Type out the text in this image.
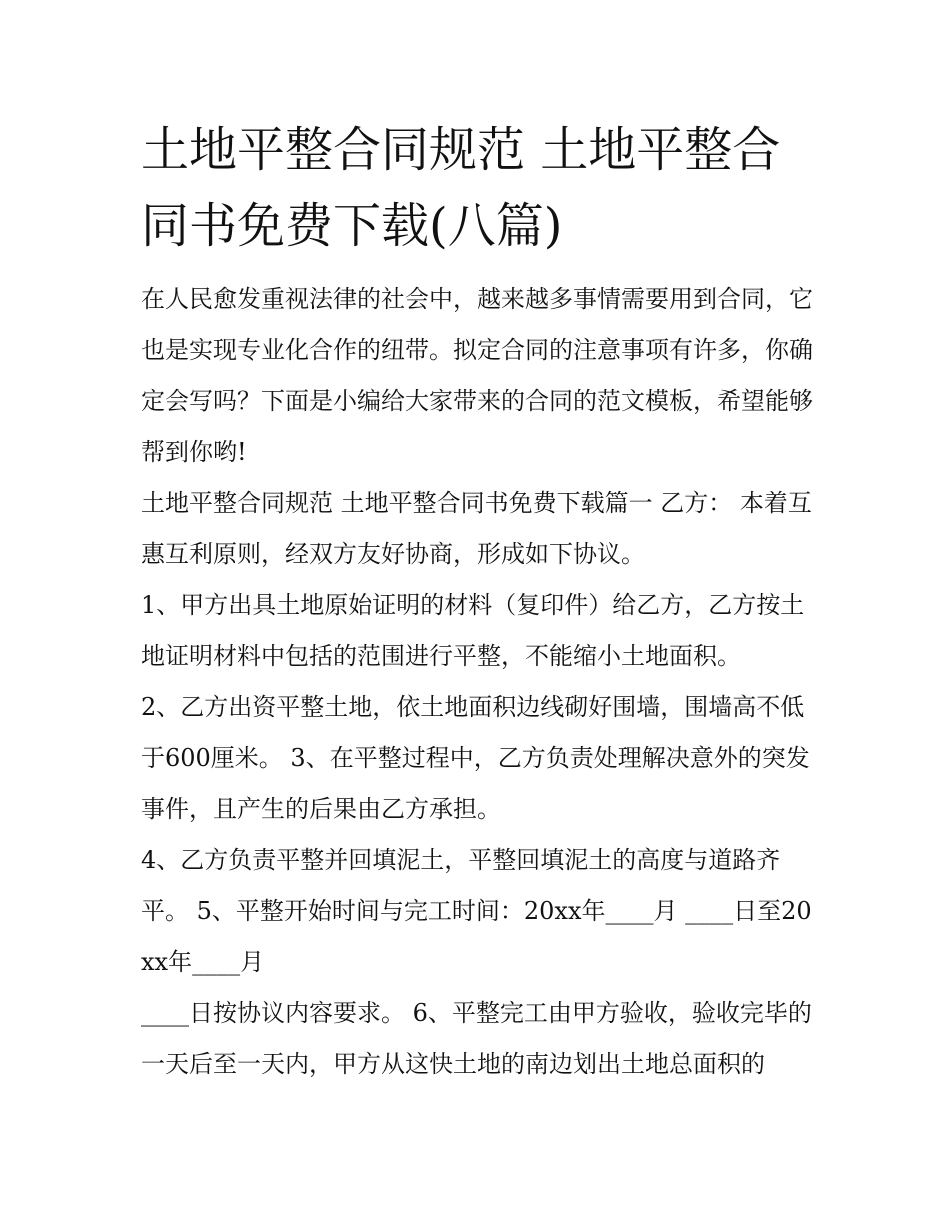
土地平整合同规范 土地平整合同书免费下载(八篇)

在人民愈发重视法律的社会中，越来越多事情需要用到合同，它也是实现专业化合作的纽带。拟定合同的注意事项有许多，你确定会写吗？下面是小编给大家带来的合同的范文模板，希望能够帮到你哟!

土地平整合同规范 土地平整合同书免费下载篇一 乙方： 本着互惠互利原则，经双方友好协商，形成如下协议。

1、甲方出具土地原始证明的材料（复印件）给乙方，乙方按土地证明材料中包括的范围进行平整，不能缩小土地面积。

2、乙方出资平整土地，依土地面积边线砌好围墙，围墙高不低于600厘米。 3、在平整过程中，乙方负责处理解决意外的突发事件，且产生的后果由乙方承担。

4、乙方负责平整并回填泥土，平整回填泥土的高度与道路齐平。 5、平整开始时间与完工时间：20xx年____月 ____日至20xx年____月

____日按协议内容要求。 6、平整完工由甲方验收，验收完毕的一天后至一天内，甲方从这快土地的南边划出土地总面积的
